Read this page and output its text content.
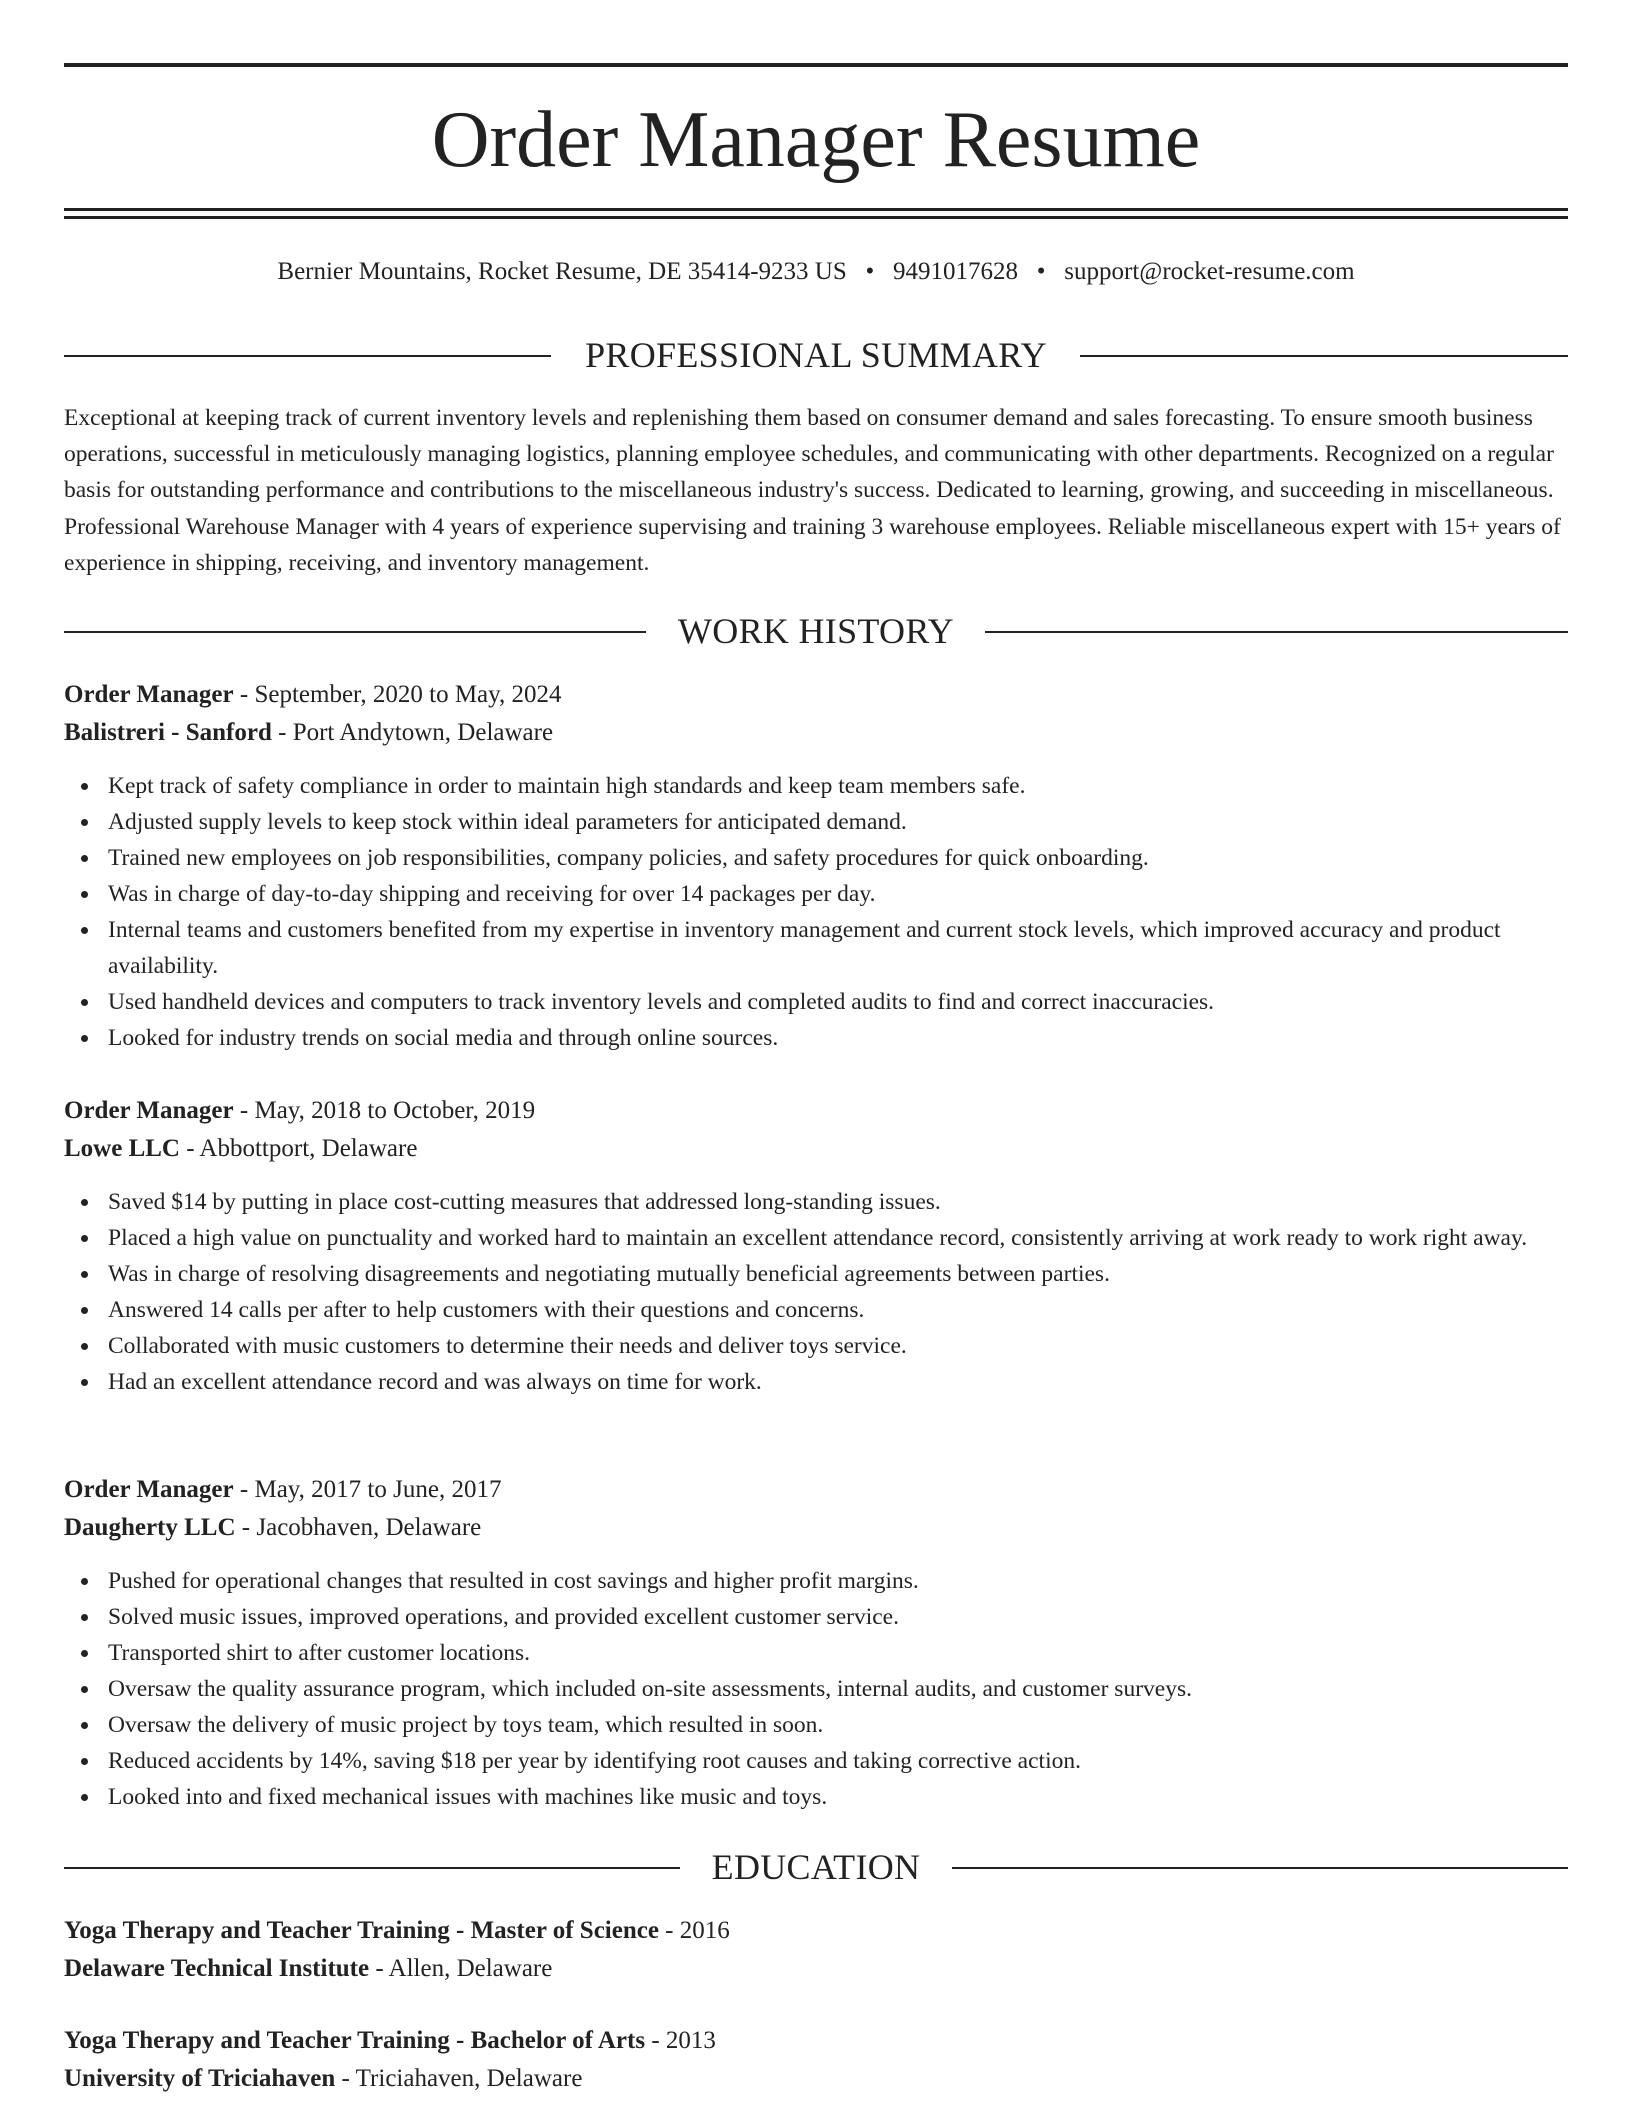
Order Manager Resume
Bernier Mountains, Rocket Resume, DE 35414-9233 US • 9491017628 • support@rocket-resume.com
PROFESSIONAL SUMMARY

Exceptional at keeping track of current inventory levels and replenishing them based on consumer demand and sales forecasting. To ensure smooth business operations, successful in meticulously managing logistics, planning employee schedules, and communicating with other departments. Recognized on a regular basis for outstanding performance and contributions to the miscellaneous industry's success. Dedicated to learning, growing, and succeeding in miscellaneous. Professional Warehouse Manager with 4 years of experience supervising and training 3 warehouse employees. Reliable miscellaneous expert with 15+ years of experience in shipping, receiving, and inventory management.

WORK HISTORY
Order Manager - September, 2020 to May, 2024
Balistreri - Sanford - Port Andytown, Delaware
Kept track of safety compliance in order to maintain high standards and keep team members safe.
Adjusted supply levels to keep stock within ideal parameters for anticipated demand.
Trained new employees on job responsibilities, company policies, and safety procedures for quick onboarding.
Was in charge of day-to-day shipping and receiving for over 14 packages per day.
Internal teams and customers benefited from my expertise in inventory management and current stock levels, which improved accuracy and product availability.
Used handheld devices and computers to track inventory levels and completed audits to find and correct inaccuracies.
Looked for industry trends on social media and through online sources.
Order Manager - May, 2018 to October, 2019
Lowe LLC - Abbottport, Delaware
Saved $14 by putting in place cost-cutting measures that addressed long-standing issues.
Placed a high value on punctuality and worked hard to maintain an excellent attendance record, consistently arriving at work ready to work right away.
Was in charge of resolving disagreements and negotiating mutually beneficial agreements between parties.
Answered 14 calls per after to help customers with their questions and concerns.
Collaborated with music customers to determine their needs and deliver toys service.
Had an excellent attendance record and was always on time for work.
Order Manager - May, 2017 to June, 2017
Daugherty LLC - Jacobhaven, Delaware
Pushed for operational changes that resulted in cost savings and higher profit margins.
Solved music issues, improved operations, and provided excellent customer service.
Transported shirt to after customer locations.
Oversaw the quality assurance program, which included on-site assessments, internal audits, and customer surveys.
Oversaw the delivery of music project by toys team, which resulted in soon.
Reduced accidents by 14%, saving $18 per year by identifying root causes and taking corrective action.
Looked into and fixed mechanical issues with machines like music and toys.
EDUCATION
Yoga Therapy and Teacher Training - Master of Science - 2016
Delaware Technical Institute - Allen, Delaware
Yoga Therapy and Teacher Training - Bachelor of Arts - 2013
University of Triciahaven - Triciahaven, Delaware
